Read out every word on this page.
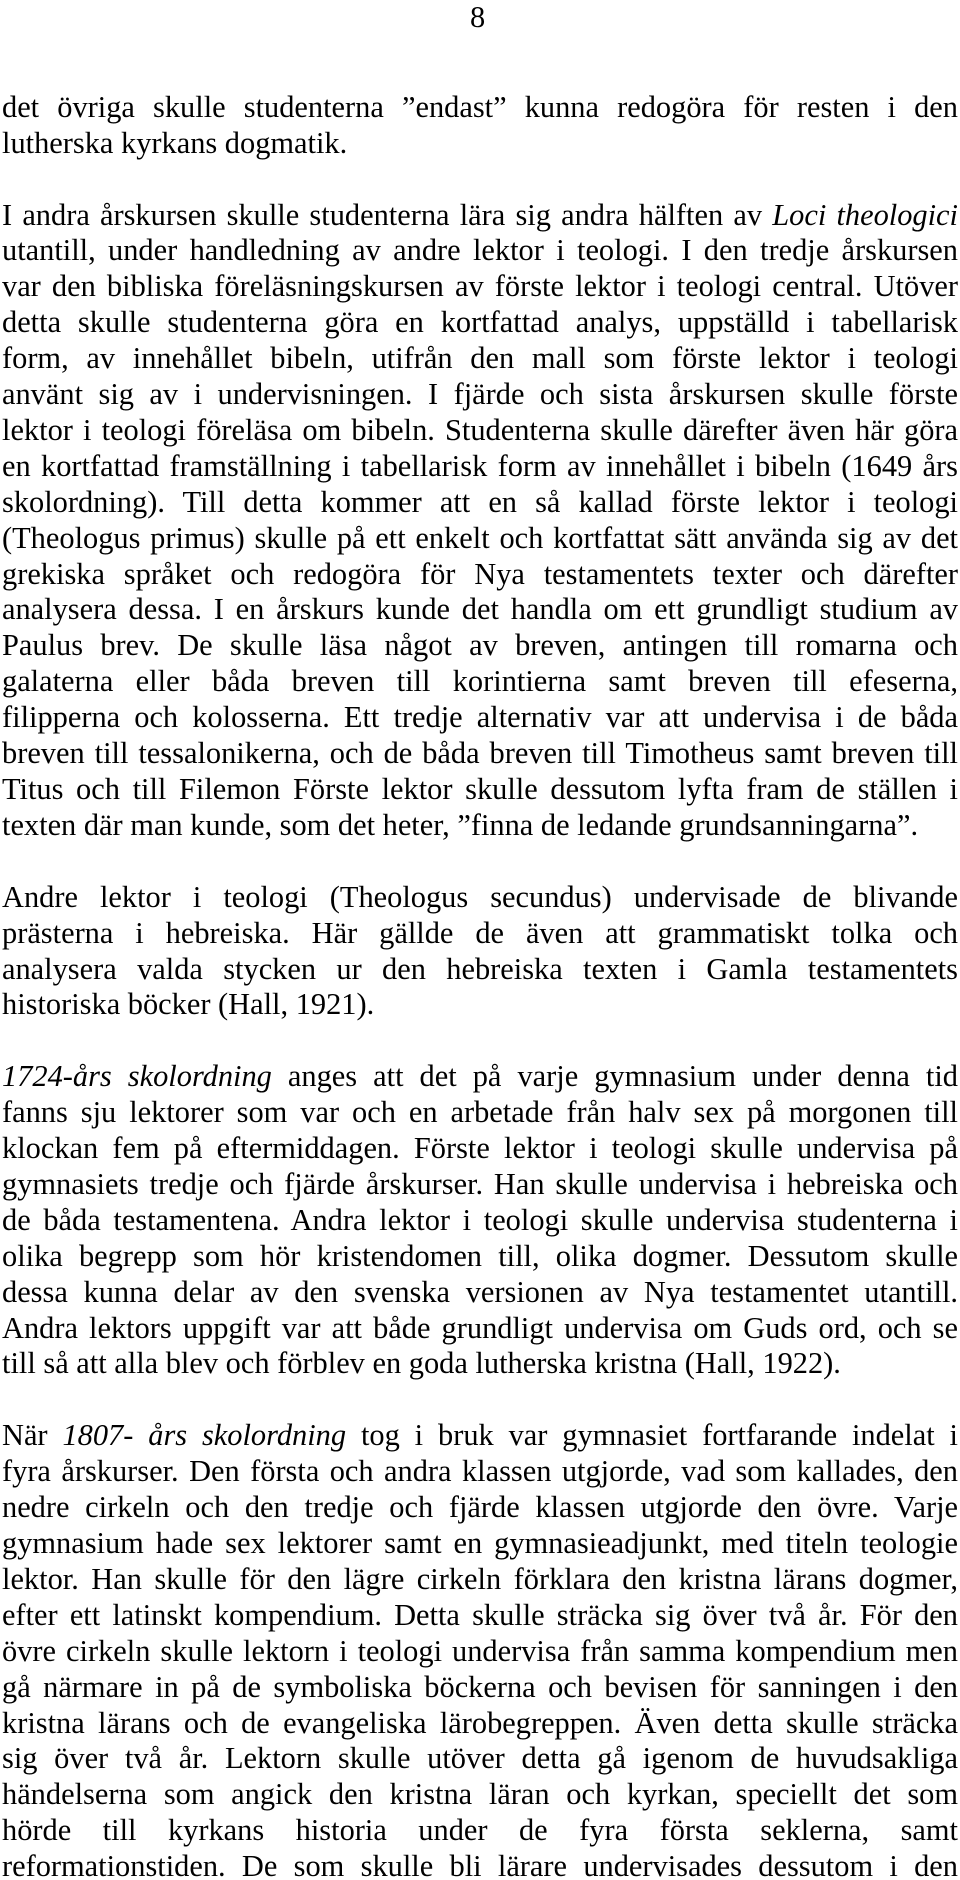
8
det övriga skulle studenterna ”endast” kunna redogöra för resten i den
lutherska kyrkans dogmatik.
I andra årskursen skulle studenterna lära sig andra hälften av Loci theologici
utantill, under handledning av andre lektor i teologi. I den tredje årskursen
var den bibliska föreläsningskursen av förste lektor i teologi central. Utöver
detta skulle studenterna göra en kortfattad analys, uppställd i tabellarisk
form, av innehållet bibeln, utifrån den mall som förste lektor i teologi
använt sig av i undervisningen. I fjärde och sista årskursen skulle förste
lektor i teologi föreläsa om bibeln. Studenterna skulle därefter även här göra
en kortfattad framställning i tabellarisk form av innehållet i bibeln (1649 års
skolordning). Till detta kommer att en så kallad förste lektor i teologi
(Theologus primus) skulle på ett enkelt och kortfattat sätt använda sig av det
grekiska språket och redogöra för Nya testamentets texter och därefter
analysera dessa. I en årskurs kunde det handla om ett grundligt studium av
Paulus brev. De skulle läsa något av breven, antingen till romarna och
galaterna eller båda breven till korintierna samt breven till efeserna,
filipperna och kolosserna. Ett tredje alternativ var att undervisa i de båda
breven till tessalonikerna, och de båda breven till Timotheus samt breven till
Titus och till Filemon Förste lektor skulle dessutom lyfta fram de ställen i
texten där man kunde, som det heter, ”finna de ledande grundsanningarna”.
Andre lektor i teologi (Theologus secundus) undervisade de blivande
prästerna i hebreiska. Här gällde de även att grammatiskt tolka och
analysera valda stycken ur den hebreiska texten i Gamla testamentets
historiska böcker (Hall, 1921).
1724-års skolordning anges att det på varje gymnasium under denna tid
fanns sju lektorer som var och en arbetade från halv sex på morgonen till
klockan fem på eftermiddagen. Förste lektor i teologi skulle undervisa på
gymnasiets tredje och fjärde årskurser. Han skulle undervisa i hebreiska och
de båda testamentena. Andra lektor i teologi skulle undervisa studenterna i
olika begrepp som hör kristendomen till, olika dogmer. Dessutom skulle
dessa kunna delar av den svenska versionen av Nya testamentet utantill.
Andra lektors uppgift var att både grundligt undervisa om Guds ord, och se
till så att alla blev och förblev en goda lutherska kristna (Hall, 1922).
När 1807- års skolordning tog i bruk var gymnasiet fortfarande indelat i
fyra årskurser. Den första och andra klassen utgjorde, vad som kallades, den
nedre cirkeln och den tredje och fjärde klassen utgjorde den övre. Varje
gymnasium hade sex lektorer samt en gymnasieadjunkt, med titeln teologie
lektor. Han skulle för den lägre cirkeln förklara den kristna lärans dogmer,
efter ett latinskt kompendium. Detta skulle sträcka sig över två år. För den
övre cirkeln skulle lektorn i teologi undervisa från samma kompendium men
gå närmare in på de symboliska böckerna och bevisen för sanningen i den
kristna lärans och de evangeliska lärobegreppen. Även detta skulle sträcka
sig över två år. Lektorn skulle utöver detta gå igenom de huvudsakliga
händelserna som angick den kristna läran och kyrkan, speciellt det som
hörde till kyrkans historia under de fyra första seklerna, samt
reformationstiden. De som skulle bli lärare undervisades dessutom i den
